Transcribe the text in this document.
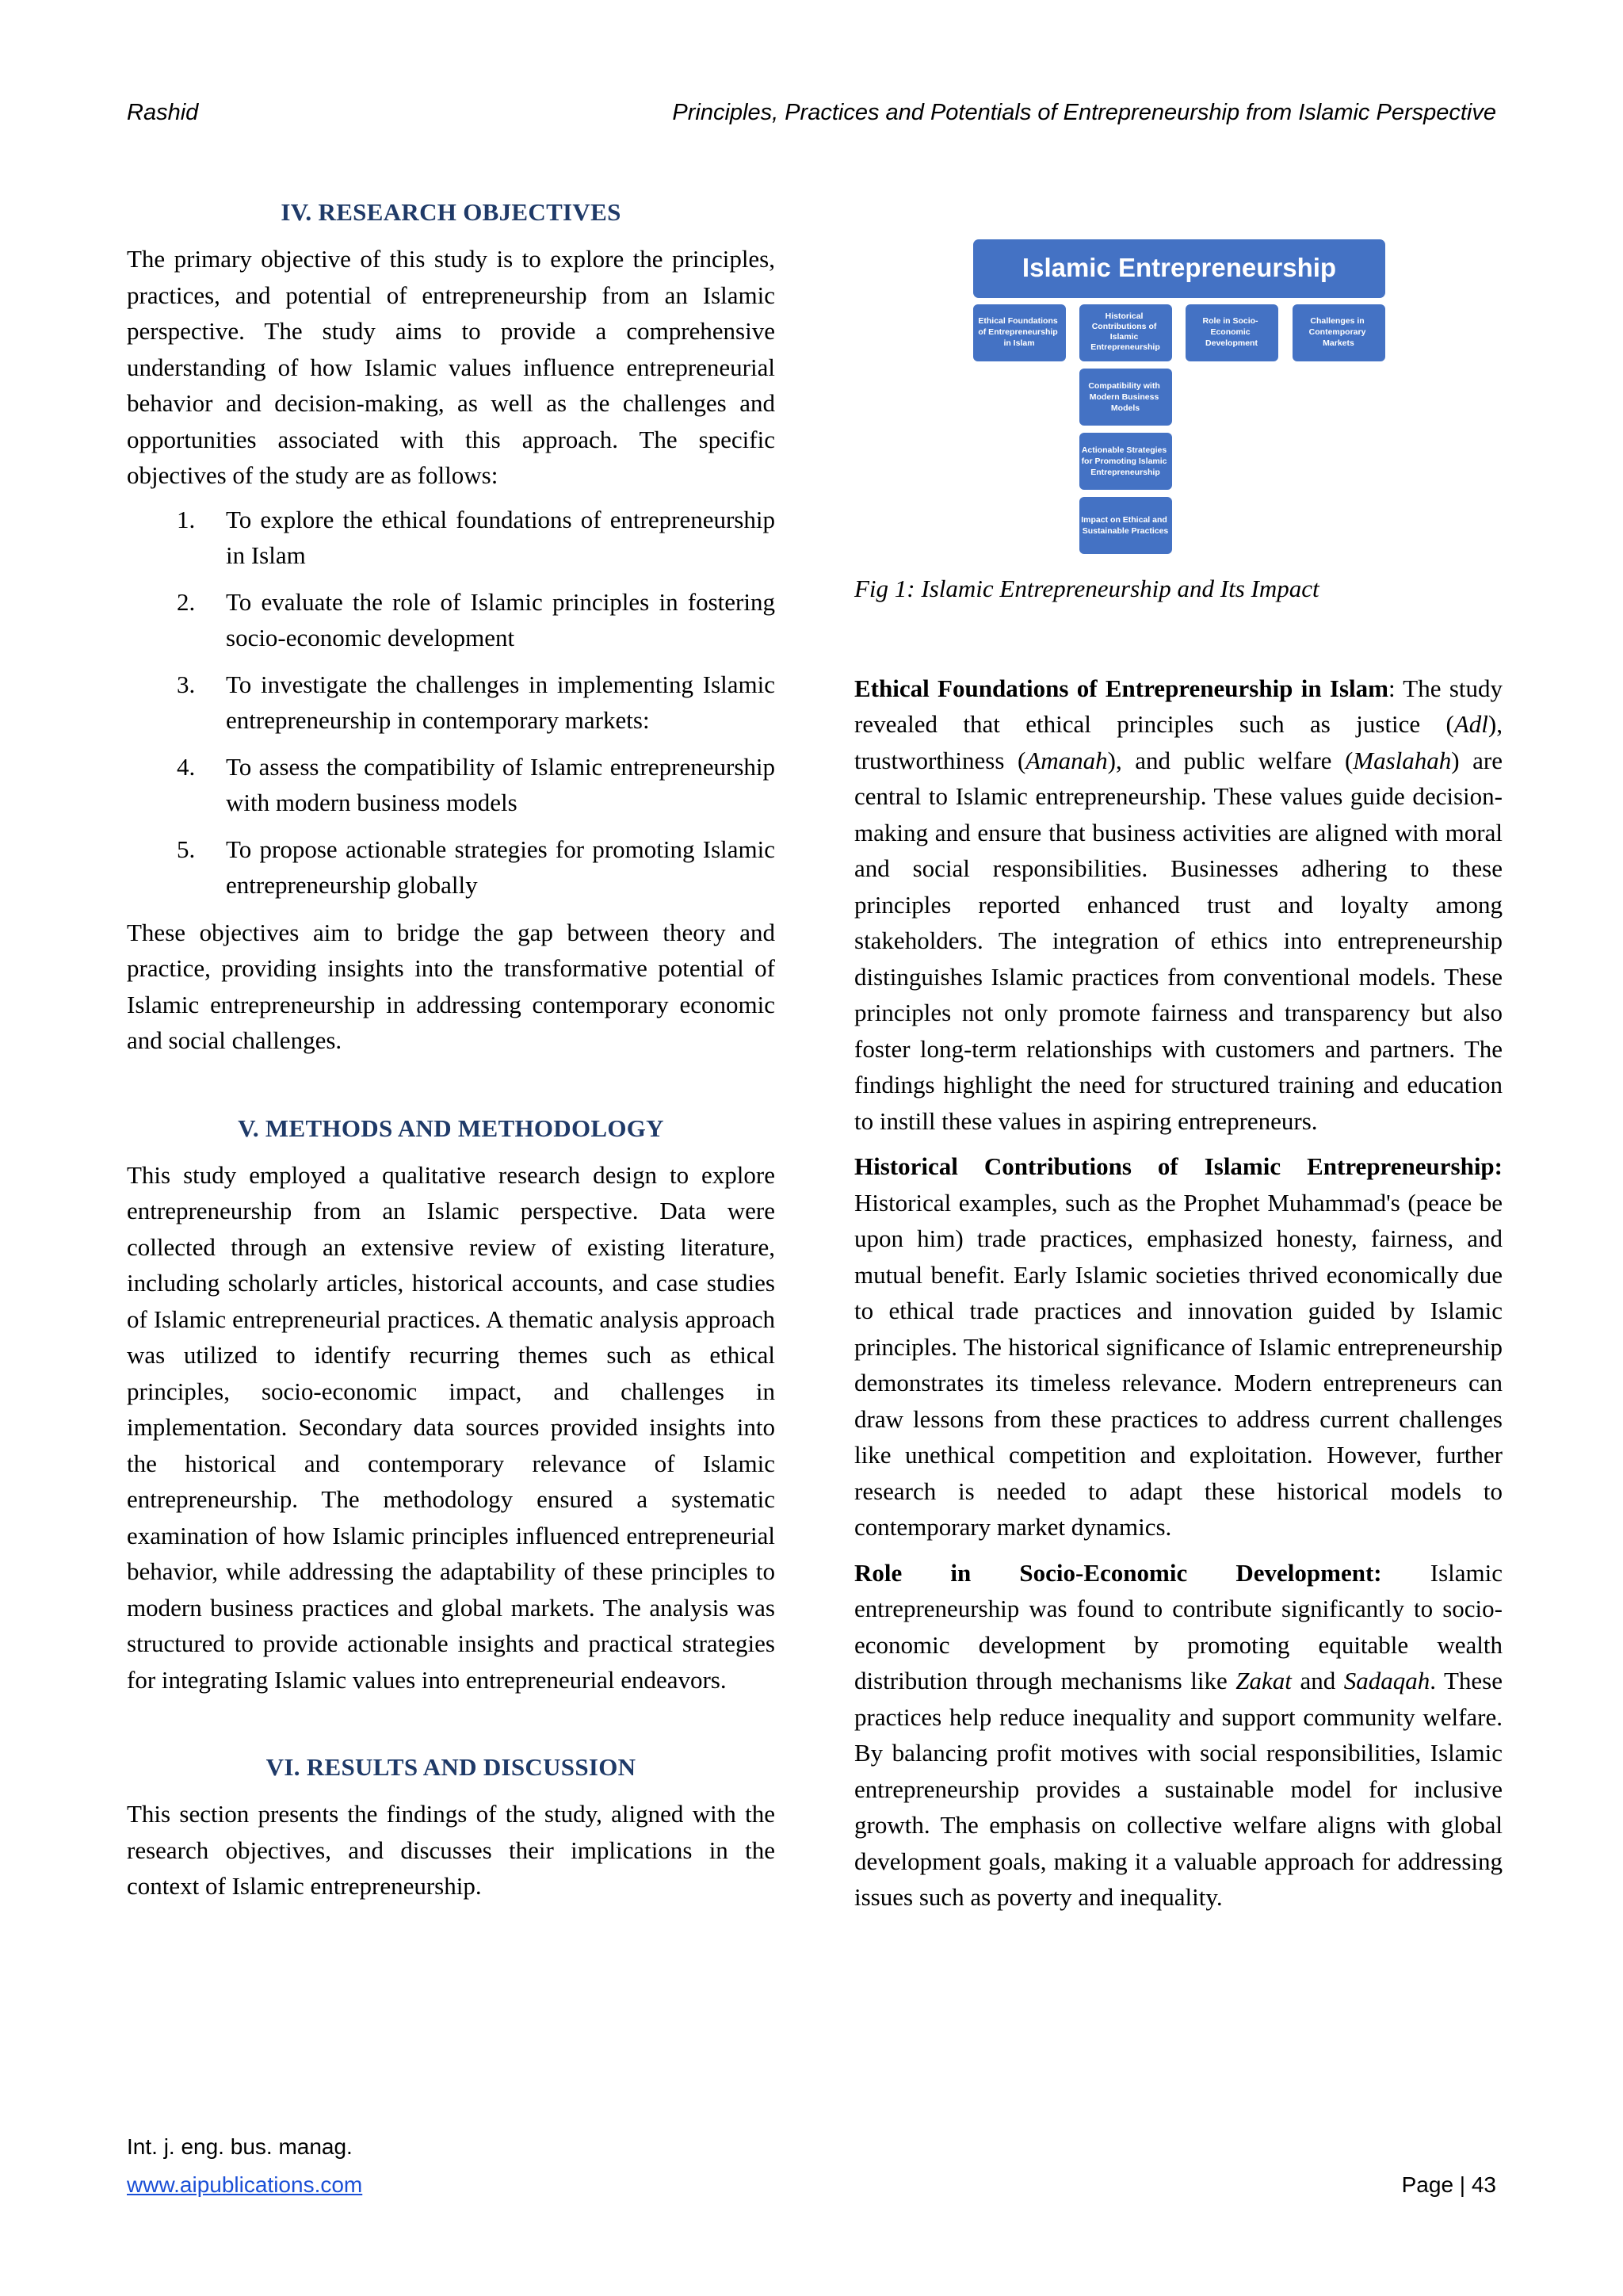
Rashid	Principles, Practices and Potentials of Entrepreneurship from Islamic Perspective
IV. RESEARCH OBJECTIVES

The primary objective of this study is to explore the principles, practices, and potential of entrepreneurship from an Islamic perspective. The study aims to provide a comprehensive understanding of how Islamic values influence entrepreneurial behavior and decision-making, as well as the challenges and opportunities associated with this approach. The specific objectives of the study are as follows:

1. To explore the ethical foundations of entrepreneurship in Islam
2. To evaluate the role of Islamic principles in fostering socio-economic development
3. To investigate the challenges in implementing Islamic entrepreneurship in contemporary markets:
4. To assess the compatibility of Islamic entrepreneurship with modern business models
5. To propose actionable strategies for promoting Islamic entrepreneurship globally

These objectives aim to bridge the gap between theory and practice, providing insights into the transformative potential of Islamic entrepreneurship in addressing contemporary economic and social challenges.

V. METHODS AND METHODOLOGY

This study employed a qualitative research design to explore entrepreneurship from an Islamic perspective. Data were collected through an extensive review of existing literature, including scholarly articles, historical accounts, and case studies of Islamic entrepreneurial practices. A thematic analysis approach was utilized to identify recurring themes such as ethical principles, socio-economic impact, and challenges in implementation. Secondary data sources provided insights into the historical and contemporary relevance of Islamic entrepreneurship. The methodology ensured a systematic examination of how Islamic principles influenced entrepreneurial behavior, while addressing the adaptability of these principles to modern business practices and global markets. The analysis was structured to provide actionable insights and practical strategies for integrating Islamic values into entrepreneurial endeavors.

VI. RESULTS AND DISCUSSION

This section presents the findings of the study, aligned with the research objectives, and discusses their implications in the context of Islamic entrepreneurship.

Islamic Entrepreneurship
Ethical Foundations of Entrepreneurship in Islam
Historical Contributions of Islamic Entrepreneurship
Role in Socio- Economic Development
Challenges in Contemporary Markets
Compatibility with Modern Business Models
Actionable Strategies for Promoting Islamic Entrepreneurship
Impact on Ethical and Sustainable Practices

Fig 1: Islamic Entrepreneurship and Its Impact

Ethical Foundations of Entrepreneurship in Islam: The study revealed that ethical principles such as justice (Adl), trustworthiness (Amanah), and public welfare (Maslahah) are central to Islamic entrepreneurship. These values guide decision-making and ensure that business activities are aligned with moral and social responsibilities. Businesses adhering to these principles reported enhanced trust and loyalty among stakeholders. The integration of ethics into entrepreneurship distinguishes Islamic practices from conventional models. These principles not only promote fairness and transparency but also foster long-term relationships with customers and partners. The findings highlight the need for structured training and education to instill these values in aspiring entrepreneurs.

Historical Contributions of Islamic Entrepreneurship: Historical examples, such as the Prophet Muhammad's (peace be upon him) trade practices, emphasized honesty, fairness, and mutual benefit. Early Islamic societies thrived economically due to ethical trade practices and innovation guided by Islamic principles. The historical significance of Islamic entrepreneurship demonstrates its timeless relevance. Modern entrepreneurs can draw lessons from these practices to address current challenges like unethical competition and exploitation. However, further research is needed to adapt these historical models to contemporary market dynamics.

Role in Socio-Economic Development: Islamic entrepreneurship was found to contribute significantly to socio-economic development by promoting equitable wealth distribution through mechanisms like Zakat and Sadaqah. These practices help reduce inequality and support community welfare. By balancing profit motives with social responsibilities, Islamic entrepreneurship provides a sustainable model for inclusive growth. The emphasis on collective welfare aligns with global development goals, making it a valuable approach for addressing issues such as poverty and inequality.

Int. j. eng. bus. manag.
www.aipublications.com	Page | 43
